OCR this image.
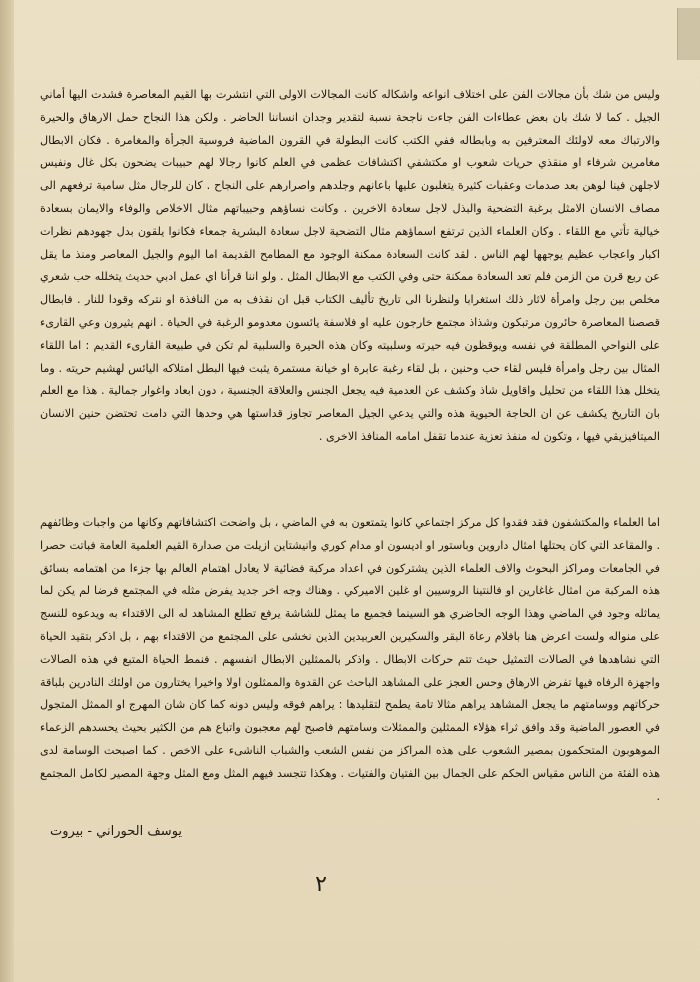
وليس من شك بأن مجالات الفن على اختلاف انواعه واشكاله كانت المجالات الاولى التي انتشرت بها القيم المعاصرة فشدت اليها أماني الجيل . كما لا شك بان بعض عطاءات الفن جاءت ناجحة نسبة لتقدير وجدان انساننا الحاضر . ولكن هذا النجاح حمل الارهاق والحيرة والارتباك معه لاولئك المعترفين به وبابطاله ففي الكتب كانت البطولة في القرون الماضية فروسية الجرأة والمغامرة . فكان الابطال مغامرين شرفاء او منقذي حريات شعوب او مكتشفي اكتشافات عظمى في العلم كانوا رجالا لهم حبيبات يضحون بكل غال ونفيس لاجلهن فينا لوهن بعد صدمات وعقبات كثيرة يتغلبون عليها باعانهم وجلدهم واصرارهم على النجاح . كان للرجال مثل سامية ترفعهم الى مصاف الانسان الامثل برغبة التضحية والبذل لاجل سعادة الاخرين . وكانت نساؤهم وحبيباتهم مثال الاخلاص والوفاء والايمان بسعادة خيالية تأتي مع اللقاء . وكان العلماء الذين ترتفع اسماؤهم مثال التضحية لاجل سعادة البشرية جمعاء فكانوا يلقون بدل جهودهم نظرات اكبار واعجاب عظيم يوجهها لهم الناس . لقد كانت السعادة ممكنة الوجود مع المطامح القديمة اما اليوم والجيل المعاصر ومنذ ما يقل عن ربع قرن من الزمن فلم تعد السعادة ممكنة حتى وفي الكتب مع الابطال المثل . ولو اننا قرأنا اي عمل ادبي حديث يتخلله حب شعري مخلص بين رجل وامرأة لاثار ذلك استغرابا ولنظرنا الى تاريخ تأليف الكتاب قبل ان نقذف به من النافذة او نتركه وقودا للنار . فابطال قصصنا المعاصرة حائرون مرتبكون وشذاذ مجتمع خارجون عليه او فلاسفة يائسون معدومو الرغبة في الحياة . انهم يثيرون وعي القارىء على النواحي المطلقة في نفسه ويوقظون فيه حيرته وسلبيته وكان هذه الحيرة والسلبية لم تكن في طبيعة القارىء القديم : اما اللقاء المثال بين رجل وامرأة فليس لقاء حب وحنين ، بل لقاء رغبة عابرة او خيانة مستمرة يثبت فيها البطل امتلاكه اليائس لهشيم حريته . وما يتخلل هذا اللقاء من تحليل واقاويل شاذ وكشف عن العدمية فيه يجعل الجنس والعلاقة الجنسية ، دون ابعاد واغوار جمالية . هذا مع العلم بان التاريخ يكشف عن ان الحاجة الحيوية هذه والتي يدعي الجيل المعاصر تجاوز قداستها هي وحدها التي دامت تحتضن حنين الانسان الميتافيزيقي فيها ، وتكون له منفذ تعزية عندما تقفل امامه المنافذ الاخرى .

اما العلماء والمكتشفون فقد فقدوا كل مركز اجتماعي كانوا يتمتعون به في الماضي ، بل واضحت اكتشافاتهم وكانها من واجبات وظائفهم . والمقاعد التي كان يحتلها امثال داروين وباستور او اديسون او مدام كوري وانيشتاين ازيلت من صدارة القيم العلمية العامة فباتت حصرا في الجامعات ومراكز البحوث والاف العلماء الذين يشتركون في اعداد مركبة فضائية لا يعادل اهتمام العالم بها جزءا من اهتمامه بسائق هذه المركبة من امثال غاغارين او فالنتينا الروسيين او غلين الاميركي . وهناك وجه اخر جديد يفرض مثله في المجتمع فرضا لم يكن لما يماثله وجود في الماضي وهذا الوجه الحاضري هو السينما فجميع ما يمثل للشاشة يرفع تطلع المشاهد له الى الاقتداء به ويدعوه للنسج على منواله ولست اعرض هنا بافلام رعاة البقر والسكيرين العربيدين الذين نخشى على المجتمع من الاقتداء بهم ، بل اذكر بتقيد الحياة التي نشاهدها في الصالات التمثيل حيث تتم حركات الابطال . واذكر بالممثلين الابطال انفسهم . فنمط الحياة المتبع في هذه الصالات واجهزة الرفاه فيها تفرض الارهاق وحس العجز على المشاهد الباحث عن القدوة والممثلون اولا واخيرا يختارون من اولئك النادرين بلباقة حركاتهم ووسامتهم ما يجعل المشاهد يراهم مثالا تامة يطمح لتقليدها : يراهم فوقه وليس دونه كما كان شان المهرج او الممثل المتجول في العصور الماضية وقد وافق ثراء هؤلاء الممثلين والممثلات وسامتهم فاصبح لهم معجبون واتباع هم من الكثير بحيث يحسدهم الزعماء الموهوبون المتحكمون بمصير الشعوب على هذه المراكز من نفس الشعب والشباب الناشىء على الاخص . كما اصبحت الوسامة لدى هذه الفئة من الناس مقياس الحكم على الجمال بين الفتيان والفتيات . وهكذا تتجسد فيهم المثل ومع المثل وجهة المصير لكامل المجتمع .

يوسف الحوراني - بيروت
٢
